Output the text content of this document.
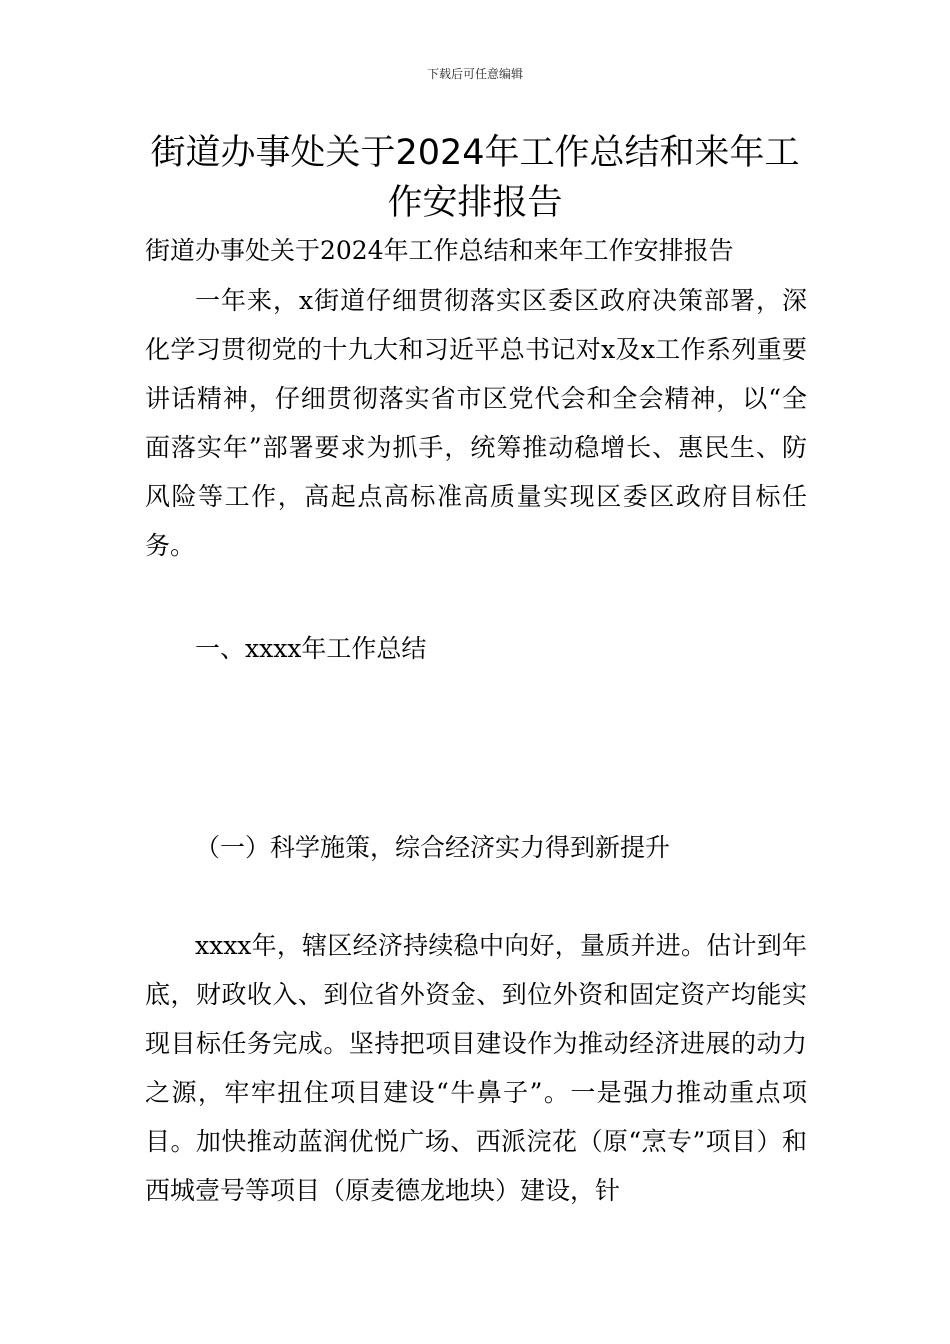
下载后可任意编辑
街道办事处关于2024年工作总结和来年工作安排报告

街道办事处关于2024年工作总结和来年工作安排报告

一年来，x街道仔细贯彻落实区委区政府决策部署，深化学习贯彻党的十九大和习近平总书记对x及x工作系列重要讲话精神，仔细贯彻落实省市区党代会和全会精神，以“全面落实年”部署要求为抓手，统筹推动稳增长、惠民生、防风险等工作，高起点高标准高质量实现区委区政府目标任务。

一、xxxx年工作总结

（一）科学施策，综合经济实力得到新提升

xxxx年，辖区经济持续稳中向好，量质并进。估计到年底，财政收入、到位省外资金、到位外资和固定资产均能实现目标任务完成。坚持把项目建设作为推动经济进展的动力之源，牢牢扭住项目建设“牛鼻子”。一是强力推动重点项目。加快推动蓝润优悦广场、西派浣花（原“烹专”项目）和西城壹号等项目（原麦德龙地块）建设，针
